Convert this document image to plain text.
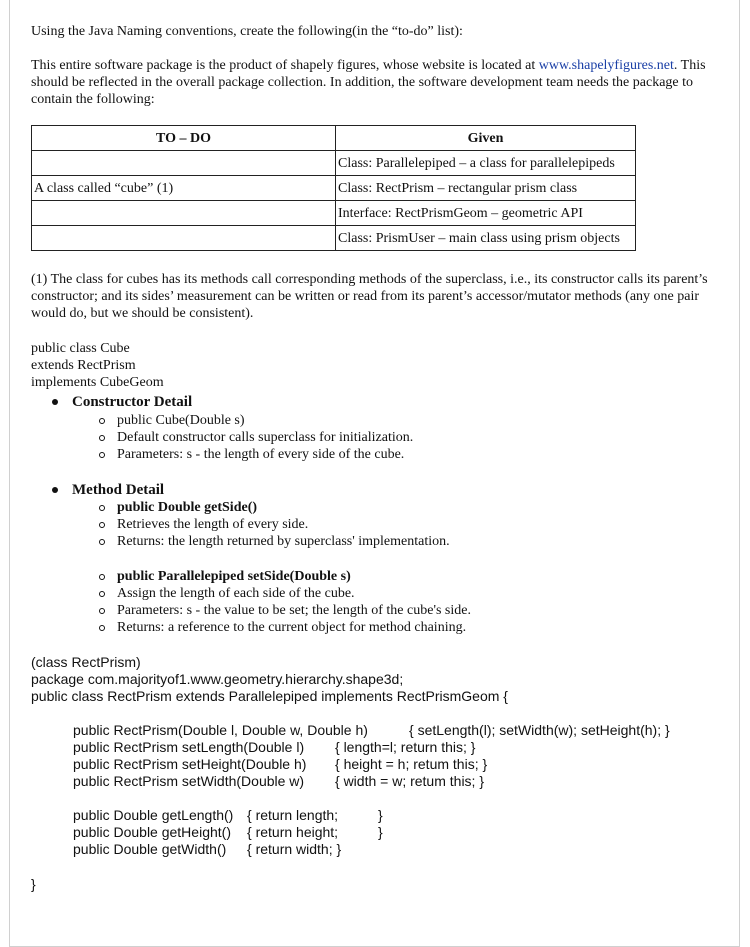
Using the Java Naming conventions, create the following(in the “to-do” list):

This entire software package is the product of shapely figures, whose website is located at www.shapelyfigures.net. This should be reflected in the overall package collection. In addition, the software development team needs the package to contain the following:

TO – DO	Given
	Class: Parallelepiped – a class for parallelepipeds
A class called “cube” (1)	Class: RectPrism – rectangular prism class
	Interface: RectPrismGeom – geometric API
	Class: PrismUser – main class using prism objects

(1) The class for cubes has its methods call corresponding methods of the superclass, i.e., its constructor calls its parent’s constructor; and its sides’ measurement can be written or read from its parent’s accessor/mutator methods (any one pair would do, but we should be consistent).

public class Cube

extends RectPrism

implements CubeGeom

Constructor Detail
public Cube(Double s)
Default constructor calls superclass for initialization.
Parameters: s - the length of every side of the cube.
Method Detail
public Double getSide()
Retrieves the length of every side.
Returns: the length returned by superclass' implementation.
public Parallelepiped setSide(Double s)
Assign the length of each side of the cube.
Parameters: s - the value to be set; the length of the cube's side.
Returns: a reference to the current object for method chaining.

(class RectPrism)

package com.majorityof1.www.geometry.hierarchy.shape3d;

public class RectPrism extends Parallelepiped implements RectPrismGeom {

public RectPrism(Double l, Double w, Double h)	{ setLength(l); setWidth(w); setHeight(h); }
public RectPrism setLength(Double l) { length=l; return this; }
public RectPrism setHeight(Double h) { height = h; retum this; }
public RectPrism setWidth(Double w) { width = w; retum this; }
public Double getLength() { return length;	}
public Double getHeight() { return height;	}
public Double getWidth() { return width; }

}
